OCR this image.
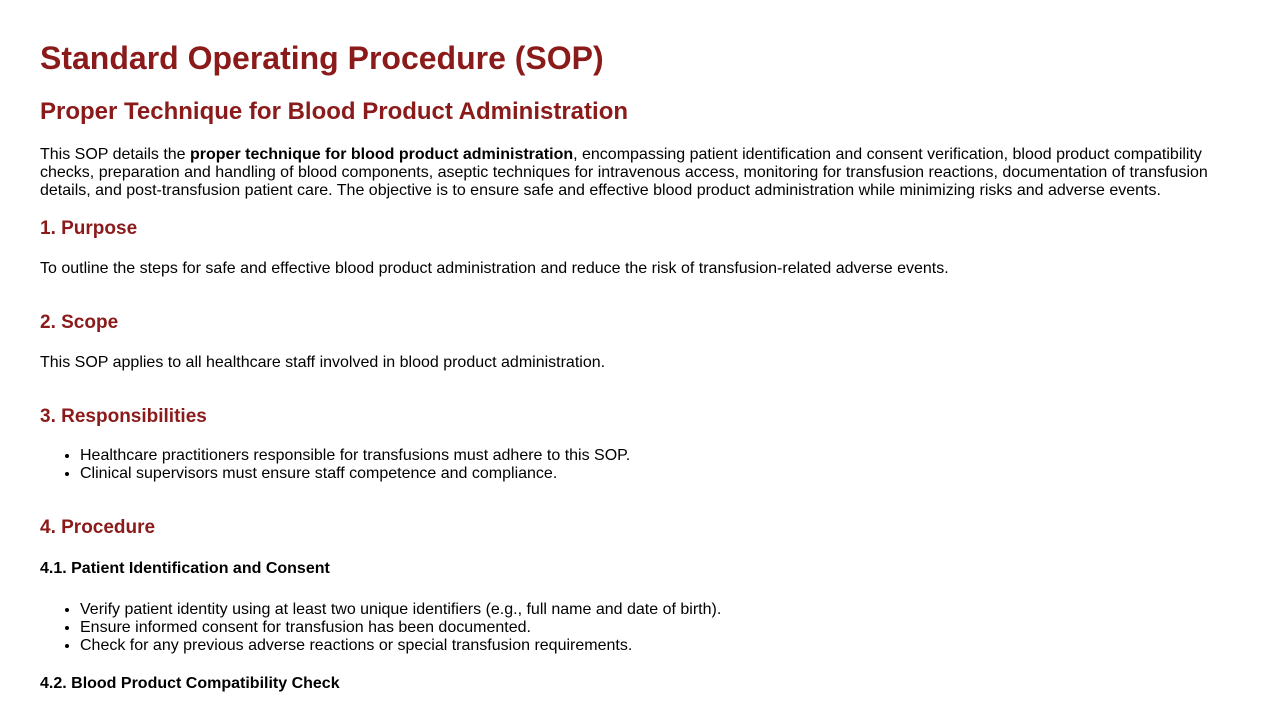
Standard Operating Procedure (SOP)
Proper Technique for Blood Product Administration

This SOP details the proper technique for blood product administration, encompassing patient identification and consent verification, blood product compatibility checks, preparation and handling of blood components, aseptic techniques for intravenous access, monitoring for transfusion reactions, documentation of transfusion details, and post-transfusion patient care. The objective is to ensure safe and effective blood product administration while minimizing risks and adverse events.

1. Purpose

To outline the steps for safe and effective blood product administration and reduce the risk of transfusion-related adverse events.

2. Scope

This SOP applies to all healthcare staff involved in blood product administration.

3. Responsibilities
• Healthcare practitioners responsible for transfusions must adhere to this SOP.
• Clinical supervisors must ensure staff competence and compliance.
4. Procedure
4.1. Patient Identification and Consent
• Verify patient identity using at least two unique identifiers (e.g., full name and date of birth).
• Ensure informed consent for transfusion has been documented.
• Check for any previous adverse reactions or special transfusion requirements.
4.2. Blood Product Compatibility Check
